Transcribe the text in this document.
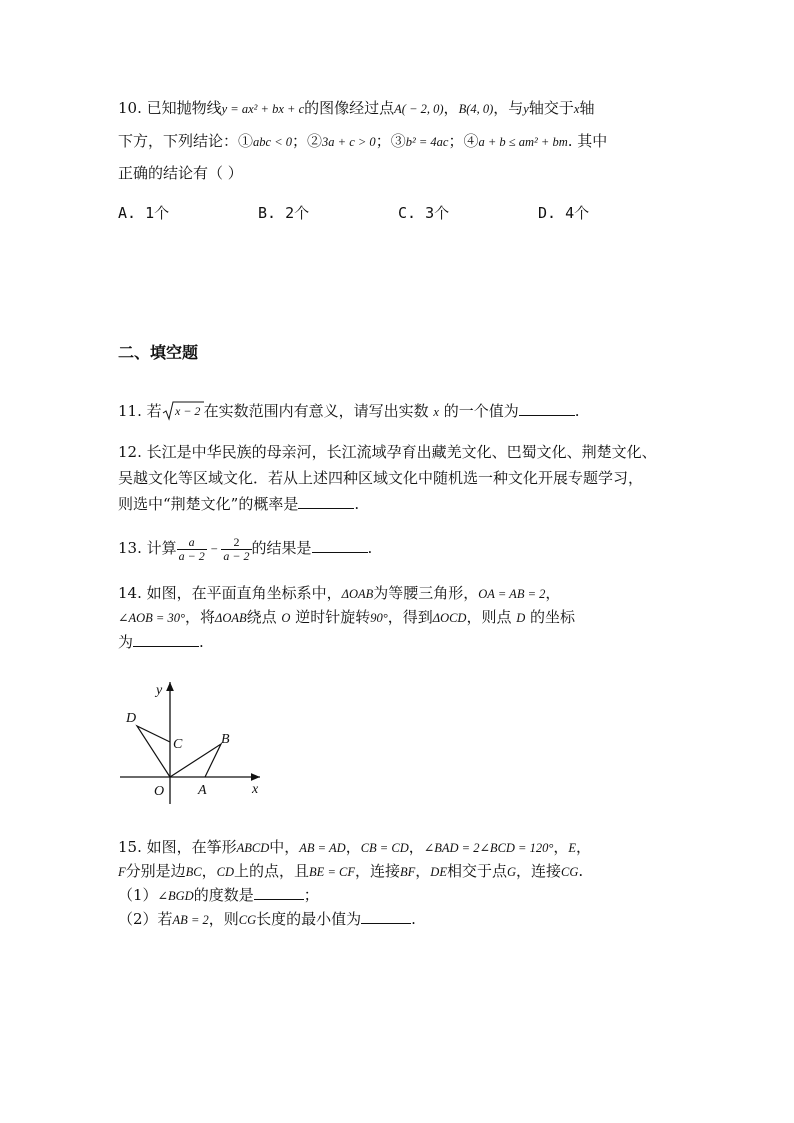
10. 已知抛物线y = ax² + bx + c的图像经过点A( − 2, 0)，B(4, 0)，与y轴交于x轴
下方，下列结论：①abc < 0；②3a + c > 0；③b² = 4ac；④a + b ≤ am² + bm. 其中
正确的结论有（ ）
A. 1个	B. 2个	C. 3个	D. 4个
二、填空题
11. 若 x − 2 在实数范围内有意义，请写出实数 x 的一个值为	.
12. 长江是中华民族的母亲河，长江流域孕育出藏羌文化、巴蜀文化、荆楚文化、
吴越文化等区域文化．若从上述四种区域文化中随机选一种文化开展专题学习，
则选中“荆楚文化”的概率是	.
13. 计算 $\frac{a}{a - 2} - \frac{2}{a - 2}$ 的结果是	.
14. 如图，在平面直角坐标系中，ΔOAB为等腰三角形，OA = AB = 2，
∠AOB = 30°，将ΔOAB绕点 O 逆时针旋转90°，得到ΔOCD，则点 D 的坐标
为	.
y
x
O A
B
C
D
15. 如图，在筝形ABCD中，AB = AD，CB = CD，∠BAD = 2∠BCD = 120°，E，
F分别是边BC，CD上的点，且BE = CF，连接BF，DE相交于点G，连接CG.
（1）∠BGD的度数是	；
（2）若AB = 2，则CG长度的最小值为	.
